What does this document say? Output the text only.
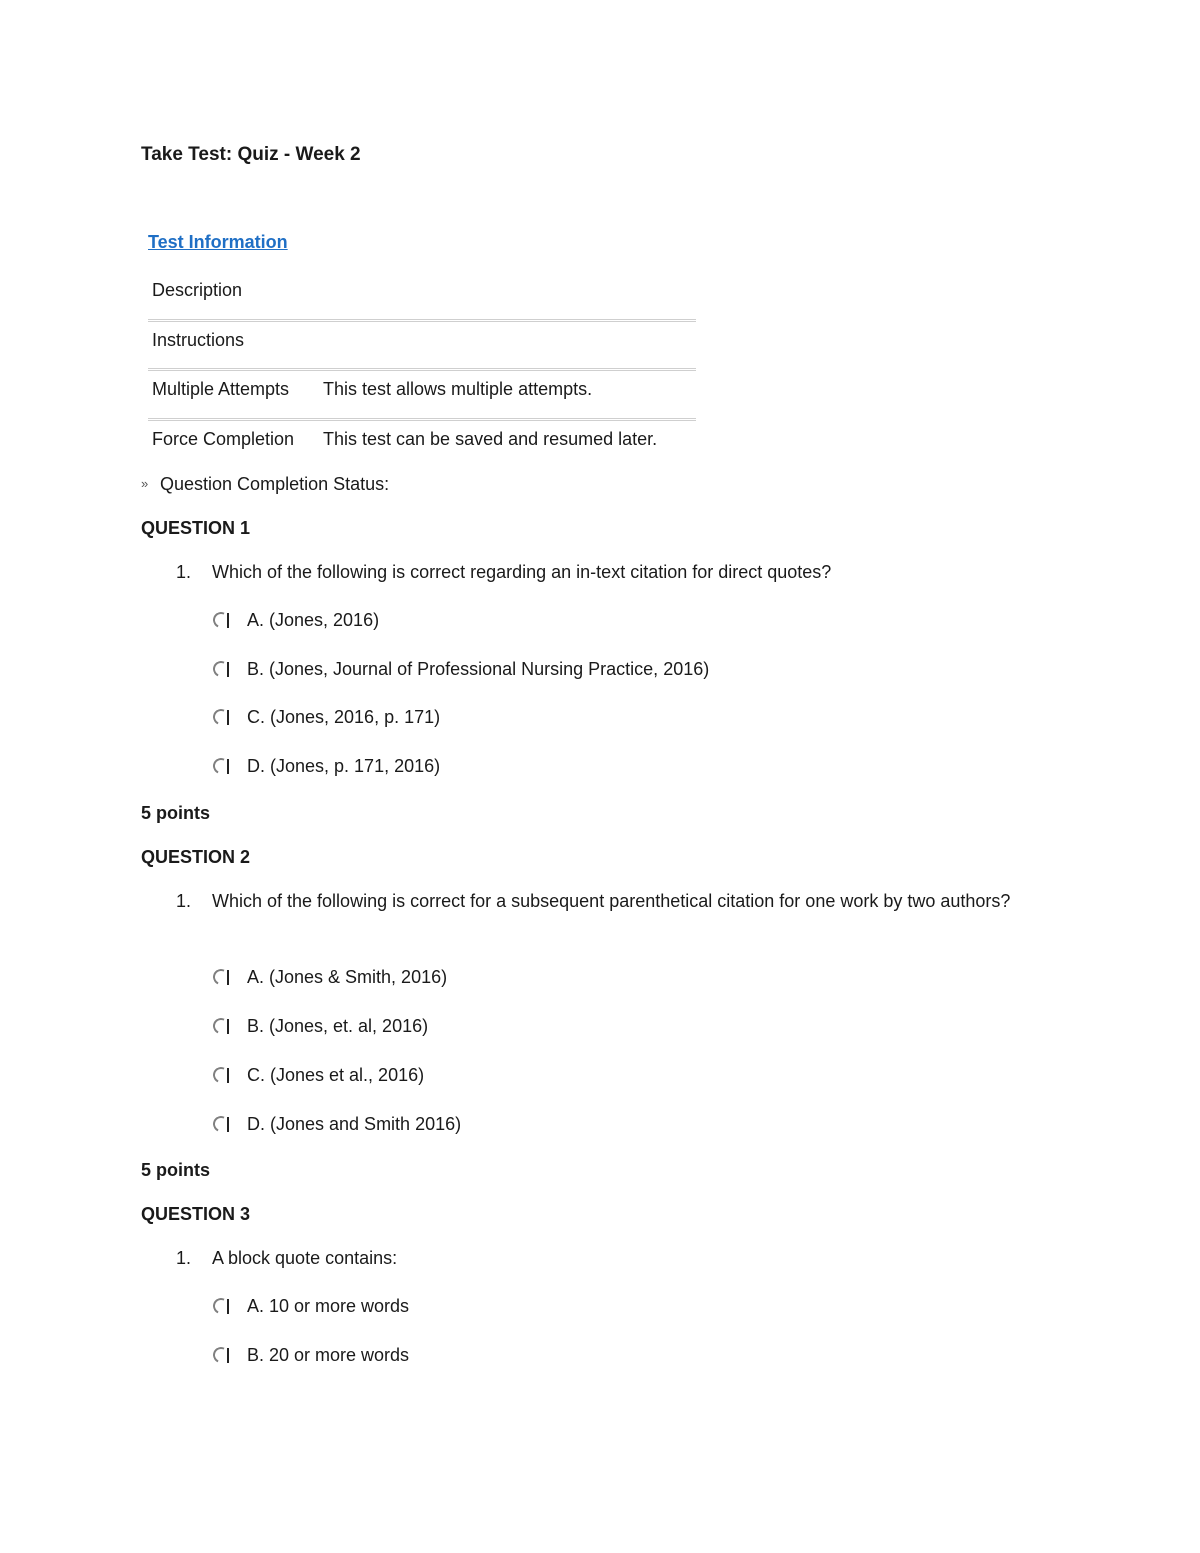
Take Test: Quiz - Week 2
Test Information
Description
Instructions
Multiple Attempts This test allows multiple attempts.
Force Completion This test can be saved and resumed later.
» Question Completion Status:
QUESTION 1
1. Which of the following is correct regarding an in-text citation for direct quotes?
A. (Jones, 2016)
B. (Jones, Journal of Professional Nursing Practice, 2016)
C. (Jones, 2016, p. 171)
D. (Jones, p. 171, 2016)
5 points
QUESTION 2
1. Which of the following is correct for a subsequent parenthetical citation for one work by two authors?
A. (Jones & Smith, 2016)
B. (Jones, et. al, 2016)
C. (Jones et al., 2016)
D. (Jones and Smith 2016)
5 points
QUESTION 3
1. A block quote contains:
A. 10 or more words
B. 20 or more words
